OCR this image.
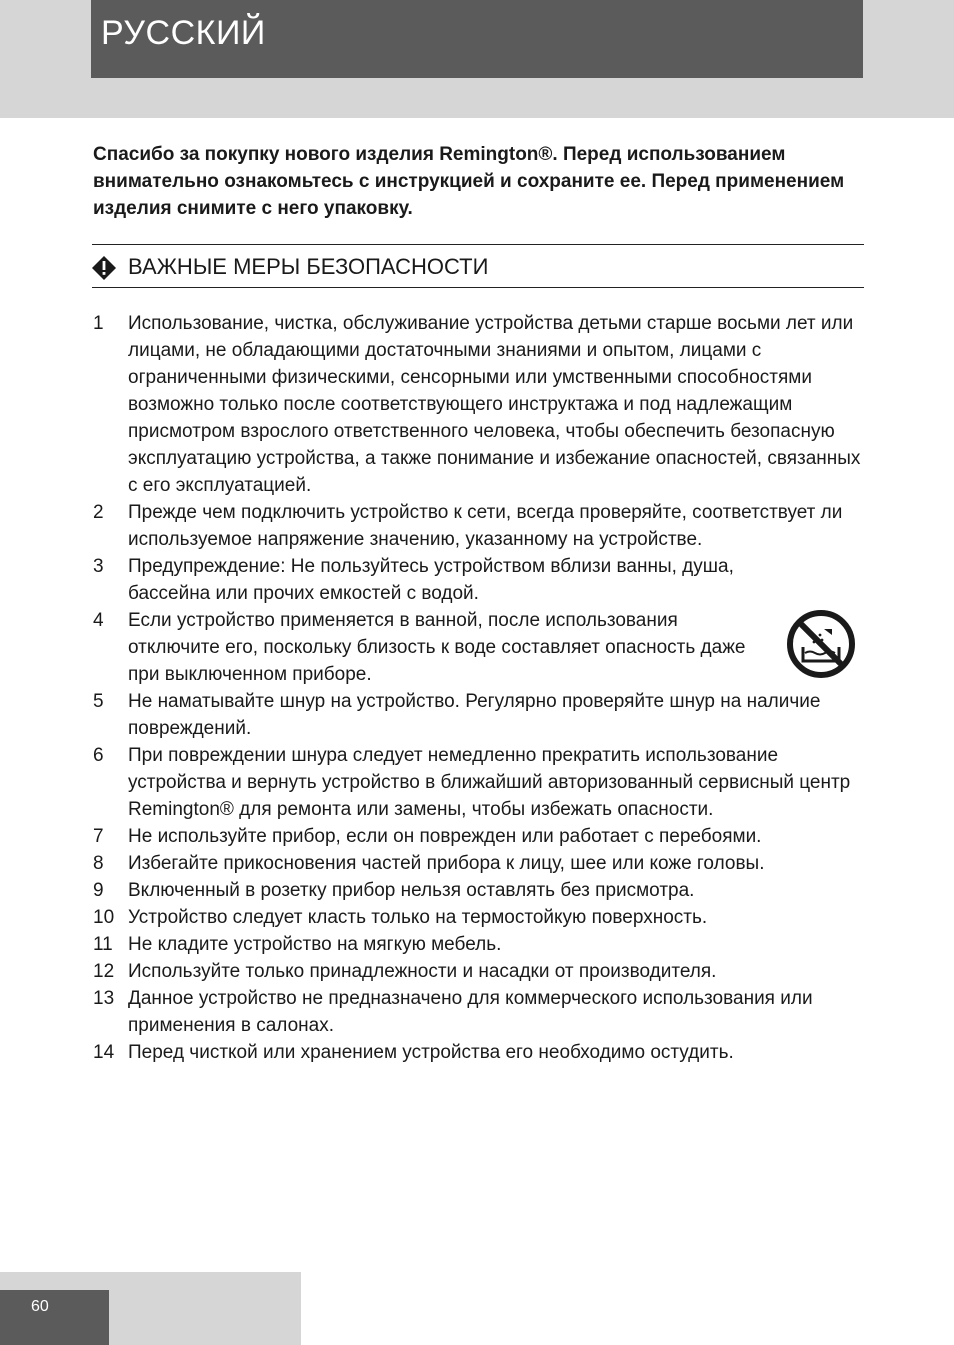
РУССКИЙ

Спасибо за покупку нового изделия Remington®. Перед использованием внимательно ознакомьтесь с инструкцией и сохраните ее. Перед применением изделия снимите с него упаковку.

ВАЖНЫЕ МЕРЫ БЕЗОПАСНОСТИ
1 Использование, чистка, обслуживание устройства детьми старше восьми лет или лицами, не обладающими достаточными знаниями и опытом, лицами с ограниченными физическими, сенсорными или умственными способностями
возможно только после соответствующего инструктажа и под надлежащим присмотром взрослого ответственного человека, чтобы обеспечить безопасную эксплуатацию устройства, а также понимание и избежание опасностей, связанных с его эксплуатацией.
2 Прежде чем подключить устройство к сети, всегда проверяйте, соответствует ли используемое напряжение значению, указанному на устройстве.
3 Предупреждение: Не пользуйтесь устройством вблизи ванны, душа, бассейна или прочих емкостей с водой.
4 Если устройство применяется в ванной, после использования отключите его, поскольку близость к воде составляет опасность даже при выключенном приборе.
5 Не наматывайте шнур на устройство. Регулярно проверяйте шнур на наличие повреждений.
6 При повреждении шнура следует немедленно прекратить использование устройства и вернуть устройство в ближайший авторизованный сервисный центр Remington® для ремонта или замены, чтобы избежать опасности.
7 Не используйте прибор, если он поврежден или работает с перебоями.
8 Избегайте прикосновения частей прибора к лицу, шее или коже головы.
9 Включенный в розетку прибор нельзя оставлять без присмотра.
10 Устройство следует класть только на термостойкую поверхность.
11 Не кладите устройство на мягкую мебель.
12 Используйте только принадлежности и насадки от производителя.
13 Данное устройство не предназначено для коммерческого использования или применения в салонах.
14 Перед чисткой или хранением устройства его необходимо остудить.
60
